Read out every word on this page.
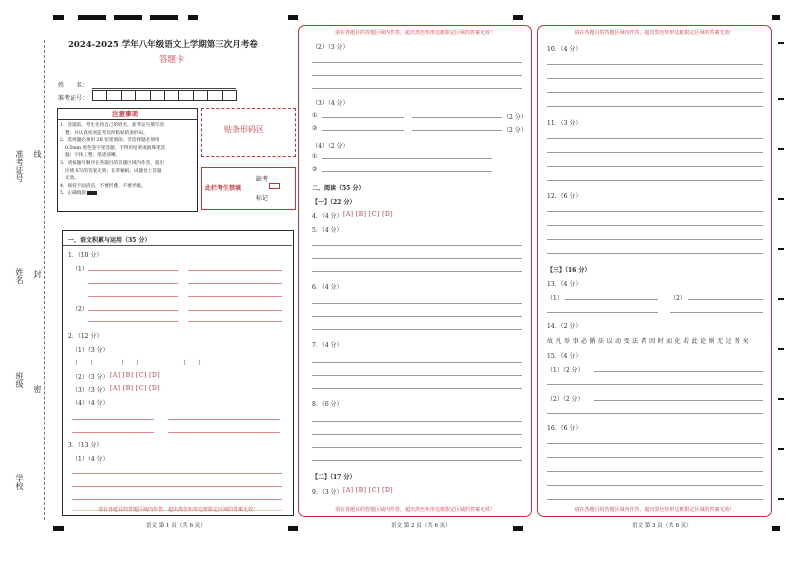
准考证号 线
姓名 封
班级
密
学校
2024-2025 学年八年级语文上学期第三次月考卷
答题卡
姓　　名：
准考证号：
注意事项
1．答题前，考生先将自己的姓名，准考证号填写清
楚，并认真检查监考员所粘贴的条形码。
2．选择题必须用 2B 铅笔填涂；非选择题必须用
0.5mm 黑色签字笔答题，不得用铅笔或圆珠笔答
题；字体工整、笔迹清晰。
3．请按题号顺序在各题目的答题区域内作答，超出
区域书写的答案无效；在草稿纸、试题卷上答题
无效。
4．保持卡面清洁，不要折叠、不要弄破。
5．正确填涂
贴条形码区
此栏考生禁填
缺考
标记
一、语文积累与运用（35 分）
1．（10 分）
（1）
（2）
2．（12 分）
（1）（3 分）
（　　）	（　　）	（　　）
（2）（3 分） [A] [B] [C] [D]
（3）（3 分） [A] [B] [C] [D]
（4）（4 分）
3．（13 分）
（1）（4 分）
请在各题目的答题区域内作答，超出黑色矩形边框限定区域的答案无效！
语文 第 1 页（共 6 页）
请在各题目的答题区域内作答，超出黑色矩形边框限定区域的答案无效！
（2）（3 分）
（3）（4 分）
①	（2 分）
②	（2 分）
（4）（2 分）
①
②
二、阅读（55 分）
【一】（22 分）
4．（4 分） [A] [B] [C] [D]
5．（4 分）
6．（4 分）
7．（4 分）
8．（6 分）
【二】（17 分）
9．（3 分） [A] [B] [C] [D]
请在各题目的答题区域内作答，超出黑色矩形边框限定区域的答案无效！
语文 第 2 页（共 6 页）
请在各题目的答题区域内作答，超出黑色矩形边框限定区域的答案无效！
10．（4 分）
11．（3 分）
12．（6 分）
【三】（16 分）
13．（4 分）
（1）	（2）
14．（2 分）
故 凡 举 事 必 循 法 以 动 变 法 者 因 时 而 化 若 此 论 则 无 过 务 矣
15．（4 分）
（1）（2 分）
（2）（2 分）
16．（6 分）
请在各题目的答题区域内作答，超出黑色矩形边框限定区域的答案无效！
语文 第 3 页（共 6 页）
